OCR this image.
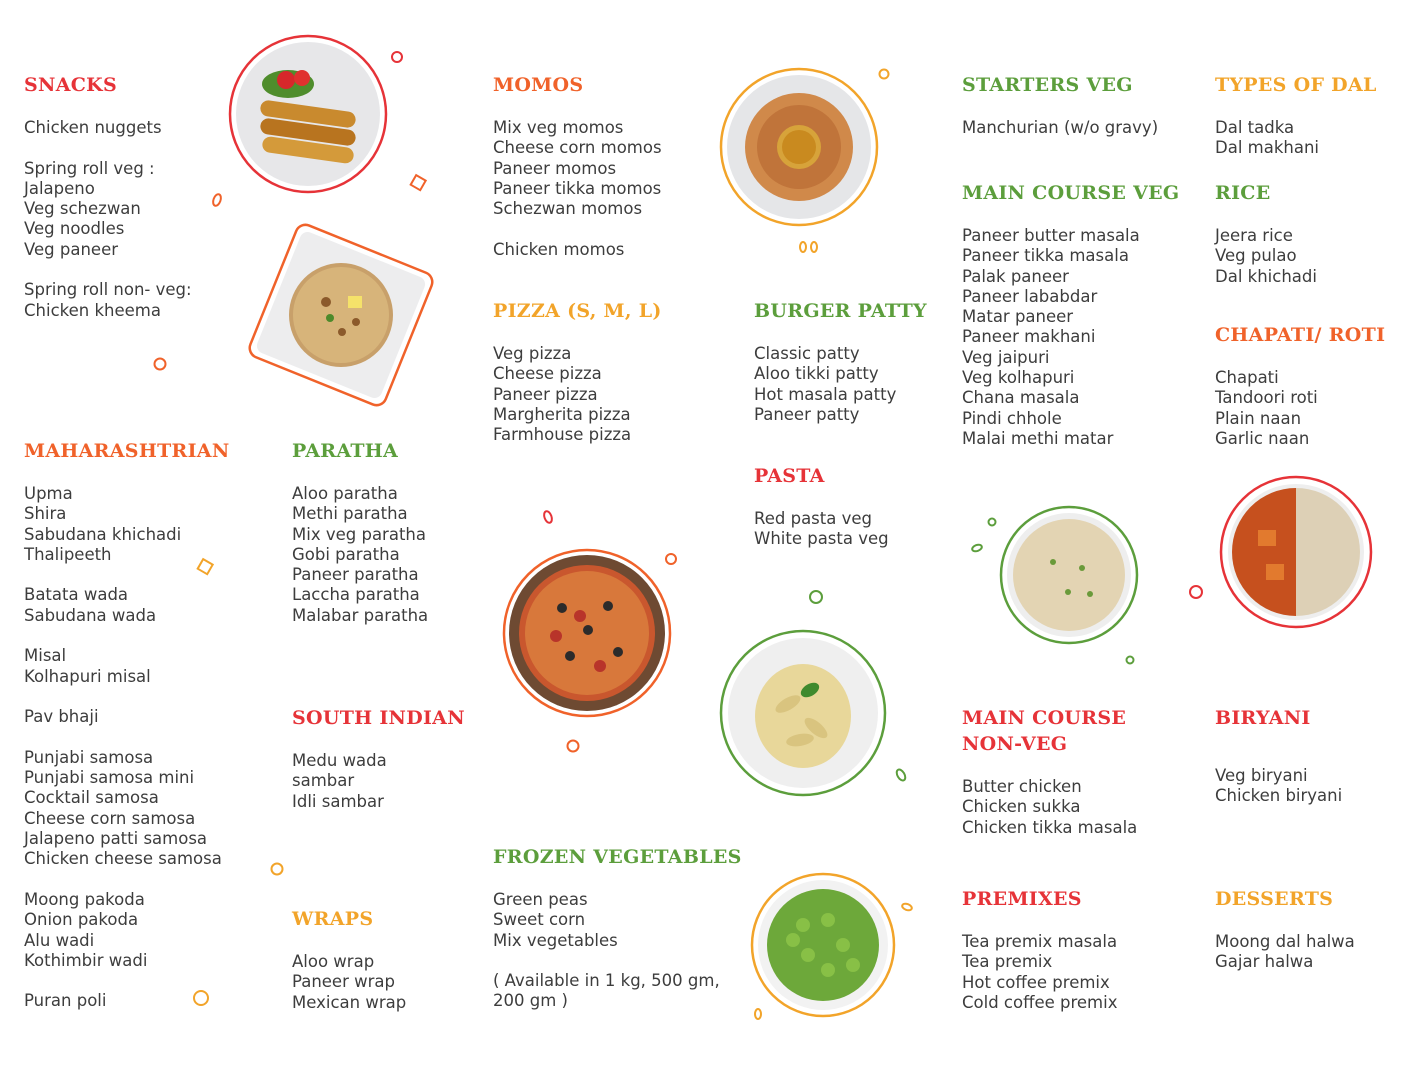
SNACKS
Chicken nuggets
Spring roll veg :
Jalapeno
Veg schezwan
Veg noodles
Veg paneer
Spring roll non- veg:
Chicken kheema
MOMOS
Mix veg momos
Cheese corn momos
Paneer momos
Paneer tikka momos
Schezwan momos
Chicken momos
STARTERS VEG
Manchurian (w/o gravy)
TYPES OF DAL
Dal tadka
Dal makhani
MAIN COURSE VEG
Paneer butter masala
Paneer tikka masala
Palak paneer
Paneer lababdar
Matar paneer
Paneer makhani
Veg jaipuri
Veg kolhapuri
Chana masala
Pindi chhole
Malai methi matar
RICE
Jeera rice
Veg pulao
Dal khichadi
PIZZA (S, M, L)
Veg pizza
Cheese pizza
Paneer pizza
Margherita pizza
Farmhouse pizza
BURGER PATTY
Classic patty
Aloo tikki patty
Hot masala patty
Paneer patty
CHAPATI/ ROTI
Chapati
Tandoori roti
Plain naan
Garlic naan
MAHARASHTRIAN
Upma
Shira
Sabudana khichadi
Thalipeeth
Batata wada
Sabudana wada
Misal
Kolhapuri misal
Pav bhaji
Punjabi samosa
Punjabi samosa mini
Cocktail samosa
Cheese corn samosa
Jalapeno patti samosa
Chicken cheese samosa
Moong pakoda
Onion pakoda
Alu wadi
Kothimbir wadi
Puran poli
PARATHA
Aloo paratha
Methi paratha
Mix veg paratha
Gobi paratha
Paneer paratha
Laccha paratha
Malabar paratha
PASTA
Red pasta veg
White pasta veg
SOUTH INDIAN
Medu wada
sambar
Idli sambar
MAIN COURSE
NON-VEG
Butter chicken
Chicken sukka
Chicken tikka masala
BIRYANI
Veg biryani
Chicken biryani
FROZEN VEGETABLES
Green peas
Sweet corn
Mix vegetables
( Available in 1 kg, 500 gm,
200 gm )
WRAPS
Aloo wrap
Paneer wrap
Mexican wrap
PREMIXES
Tea premix masala
Tea premix
Hot coffee premix
Cold coffee premix
DESSERTS
Moong dal halwa
Gajar halwa
